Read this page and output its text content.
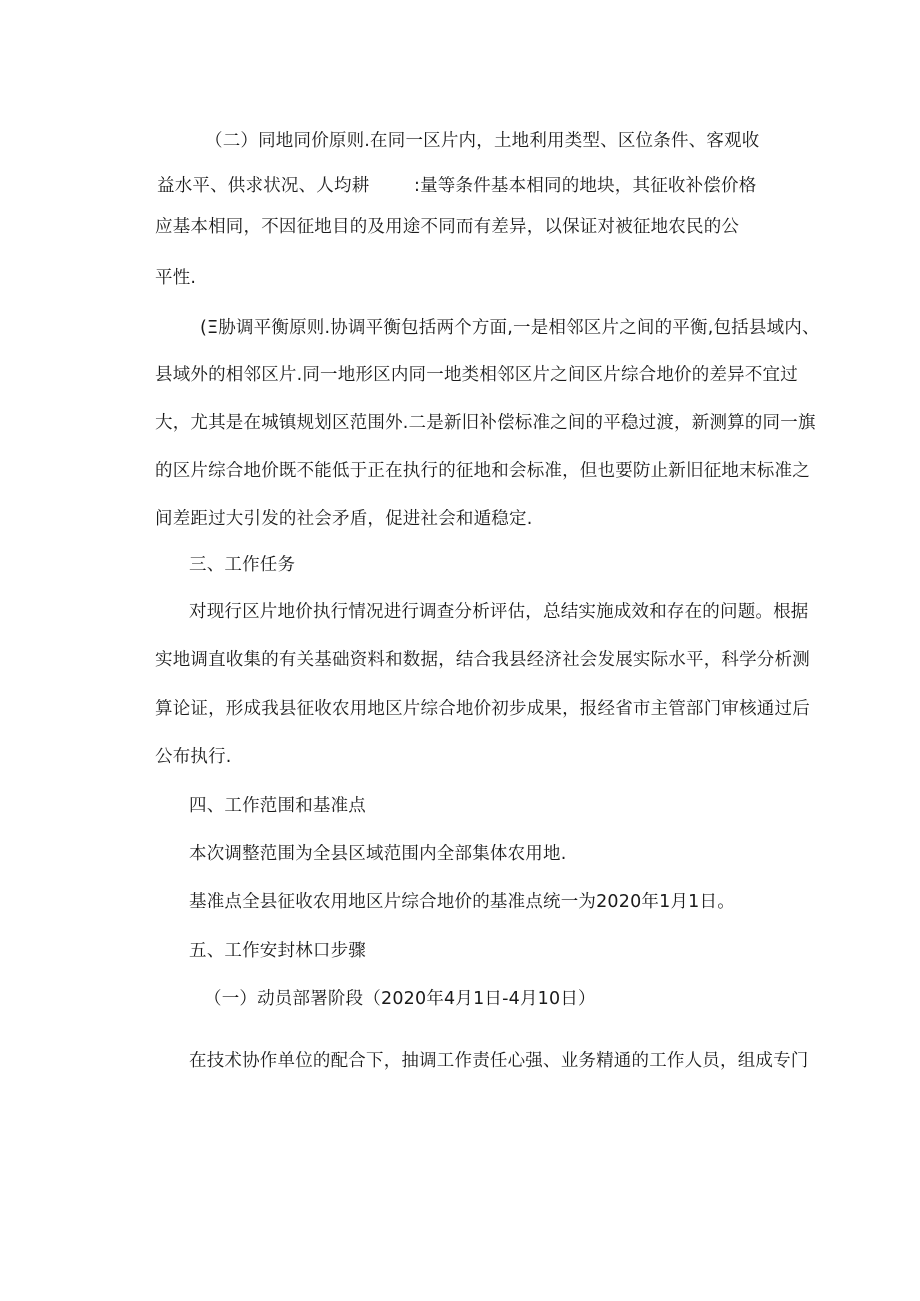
（二）同地同价原则.在同一区片内，土地利用类型、区位条件、客观收
益水平、供求状况、人均耕	:量等条件基本相同的地块，其征收补偿价格
应基本相同，不因征地目的及用途不同而有差异，以保证对被征地农民的公
平性.
(Ξ胁调平衡原则.协调平衡包括两个方面,一是相邻区片之间的平衡,包括县域内、
县域外的相邻区片.同一地形区内同一地类相邻区片之间区片综合地价的差异不宜过
大，尤其是在城镇规划区范围外.二是新旧补偿标准之间的平稳过渡，新测算的同一旗
的区片综合地价既不能低于正在执行的征地和会标准，但也要防止新旧征地末标准之
间差距过大引发的社会矛盾，促进社会和遁稳定.
三、工作任务
对现行区片地价执行情况进行调查分析评估，总结实施成效和存在的问题。根据
实地调直收集的有关基础资料和数据，结合我县经济社会发展实际水平，科学分析测
算论证，形成我县征收农用地区片综合地价初步成果，报经省市主管部门审核通过后
公布执行.
四、工作范围和基准点
本次调整范围为全县区域范围内全部集体农用地.
基准点全县征收农用地区片综合地价的基准点统一为2020年1月1日。
五、工作安封林口步骤
（一）动员部署阶段（2020年4月1日-4月10日）
在技术协作单位的配合下，抽调工作责任心强、业务精通的工作人员，组成专门
